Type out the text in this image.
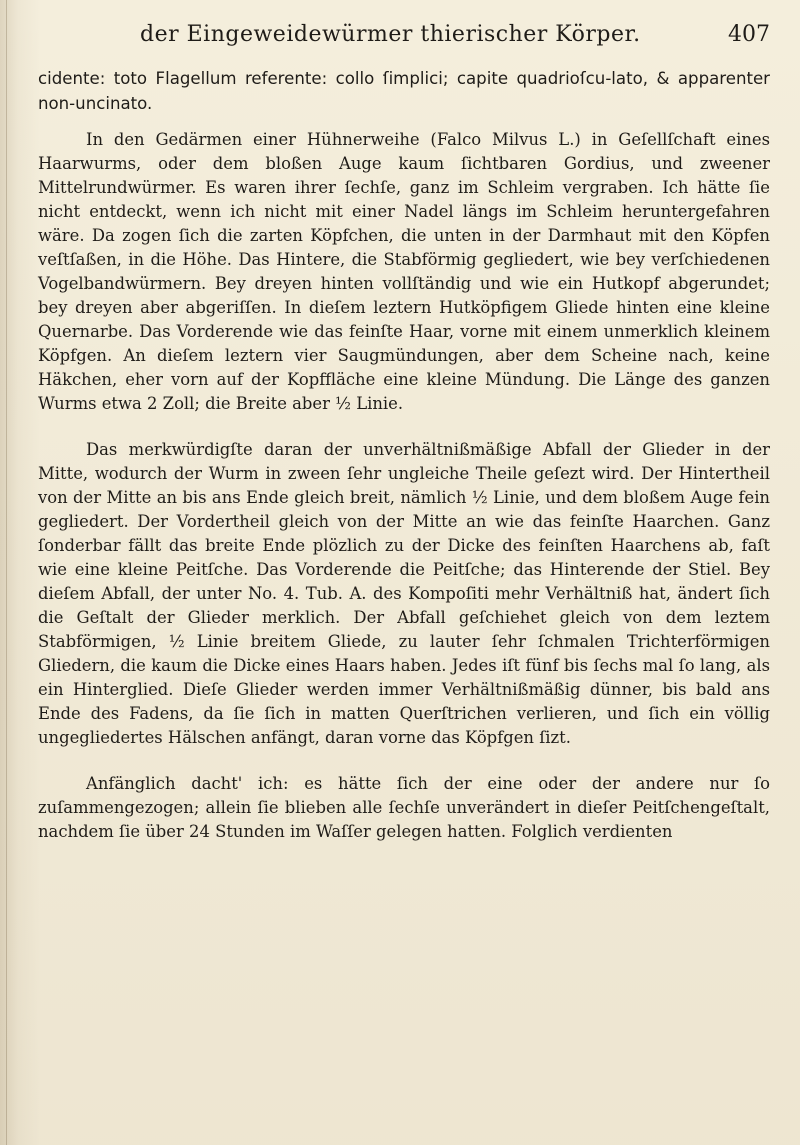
der Eingeweidewürmer thierischer Körper.	407

cidente: toto Flagellum referente: collo ſimplici; capite quadrioſcu-lato, & apparenter non-uncinato.

In den Gedärmen einer Hühnerweihe (Falco Milvus L.) in Geſellſchaft eines Haarwurms, oder dem bloßen Auge kaum ſichtbaren Gordius, und zweener Mittelrundwürmer. Es waren ihrer ſechſe, ganz im Schleim vergraben. Ich hätte ſie nicht entdeckt, wenn ich nicht mit einer Nadel längs im Schleim heruntergefahren wäre. Da zogen ſich die zarten Köpfchen, die unten in der Darmhaut mit den Köpfen veſtſaßen, in die Höhe. Das Hintere, die Stabförmig gegliedert, wie bey verſchiedenen Vogelbandwürmern. Bey dreyen hinten vollſtändig und wie ein Hutkopf abgerundet; bey dreyen aber abgeriſſen. In dieſem leztern Hutköpfigem Gliede hinten eine kleine Quernarbe. Das Vorderende wie das feinſte Haar, vorne mit einem unmerklich kleinem Köpfgen. An dieſem leztern vier Saugmündungen, aber dem Scheine nach, keine Häkchen, eher vorn auf der Kopffläche eine kleine Mündung. Die Länge des ganzen Wurms etwa 2 Zoll; die Breite aber ½ Linie.

Das merkwürdigſte daran der unverhältnißmäßige Abfall der Glieder in der Mitte, wodurch der Wurm in zween ſehr ungleiche Theile geſezt wird. Der Hintertheil von der Mitte an bis ans Ende gleich breit, nämlich ½ Linie, und dem bloßem Auge fein gegliedert. Der Vordertheil gleich von der Mitte an wie das feinſte Haarchen. Ganz ſonderbar fällt das breite Ende plözlich zu der Dicke des feinſten Haarchens ab, faſt wie eine kleine Peitſche. Das Vorderende die Peitſche; das Hinterende der Stiel. Bey dieſem Abfall, der unter No. 4. Tub. A. des Kompoſiti mehr Verhältniß hat, ändert ſich die Geſtalt der Glieder merklich. Der Abfall geſchiehet gleich von dem leztem Stabförmigen, ½ Linie breitem Gliede, zu lauter ſehr ſchmalen Trichterförmigen Gliedern, die kaum die Dicke eines Haars haben. Jedes iſt fünf bis ſechs mal ſo lang, als ein Hinterglied. Dieſe Glieder werden immer Verhältnißmäßig dünner, bis bald ans Ende des Fadens, da ſie ſich in matten Querſtrichen verlieren, und ſich ein völlig ungegliedertes Hälschen anfängt, daran vorne das Köpfgen ſizt.

Anfänglich dacht' ich: es hätte ſich der eine oder der andere nur ſo zuſammengezogen; allein ſie blieben alle ſechſe unverändert in dieſer Peitſchengeſtalt, nachdem ſie über 24 Stunden im Waſſer gelegen hatten. Folglich verdienten
